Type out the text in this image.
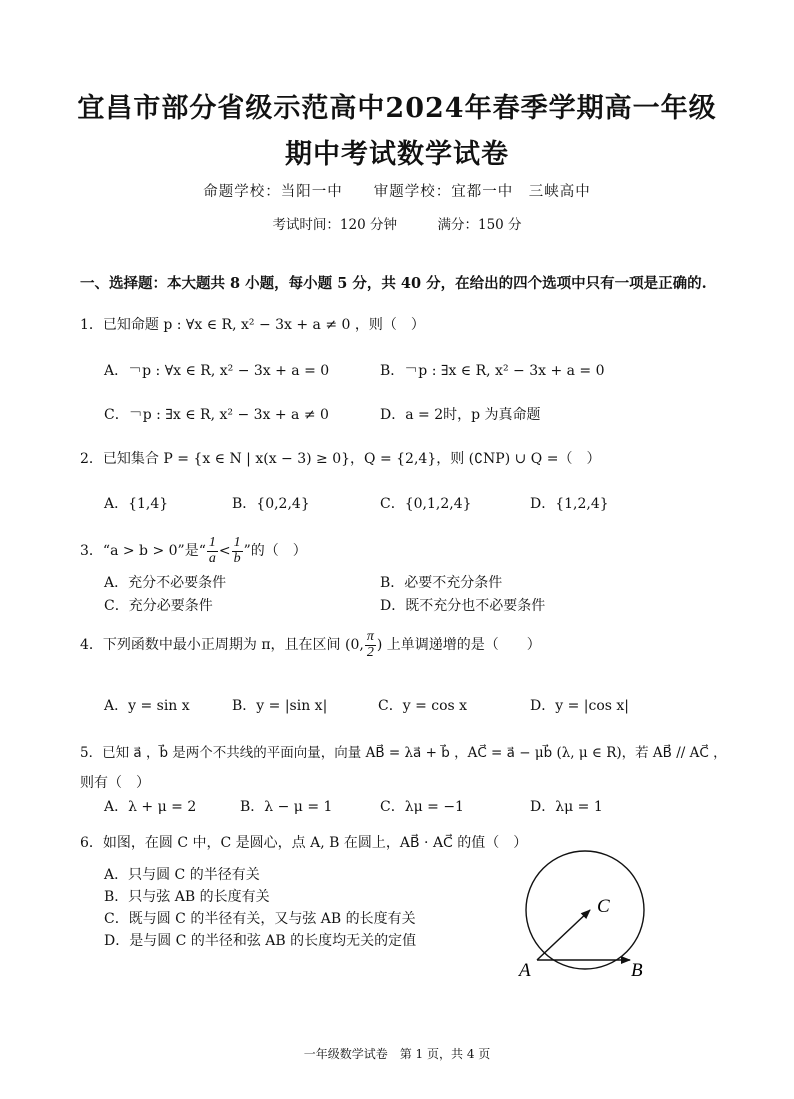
宜昌市部分省级示范高中2024年春季学期高一年级
期中考试数学试卷
命题学校：当阳一中　　审题学校：宜都一中　三峡高中
考试时间：120 分钟　　　满分：150 分
一、选择题：本大题共 8 小题，每小题 5 分，共 40 分，在给出的四个选项中只有一项是正确的.
1．已知命题 p : ∀x ∈ R, x² − 3x + a ≠ 0 ，则（　）
A．￢p : ∀x ∈ R, x² − 3x + a = 0	B．￢p : ∃x ∈ R, x² − 3x + a = 0
C．￢p : ∃x ∈ R, x² − 3x + a ≠ 0	D．a = 2时，p 为真命题
2．已知集合 P = {x ∈ N | x(x − 3) ≥ 0}，Q = {2,4}，则 (∁NP) ∪ Q =（　）
A．{1,4}	B．{0,2,4}	C．{0,1,2,4}	D．{1,2,4}
3．“a > b > 0”是“ $\frac{1}{a} < \frac{1}{b}$ ”的（　）
A．充分不必要条件	B．必要不充分条件
C．充分必要条件	D．既不充分也不必要条件
4．下列函数中最小正周期为 π，且在区间 (0, $\frac{\pi}{2}$ ) 上单调递增的是（　　）
A．y = sin x	B．y = |sin x|	C．y = cos x	D．y = |cos x|
5．已知 a⃗ ，b⃗ 是两个不共线的平面向量，向量 AB⃗ = λa⃗ + b⃗ ，AC⃗ = a⃗ − μb⃗ (λ, μ ∈ R)，若 AB⃗ // AC⃗ ，
则有（　）
A．λ + μ = 2	B．λ − μ = 1	C．λμ = −1	D．λμ = 1
6．如图，在圆 C 中，C 是圆心，点 A, B 在圆上，AB⃗ · AC⃗ 的值（　）
A．只与圆 C 的半径有关
B．只与弦 AB 的长度有关
C．既与圆 C 的半径有关，又与弦 AB 的长度有关
D．是与圆 C 的半径和弦 AB 的长度均无关的定值
A	B
C
一年级数学试卷　第 1 页，共 4 页
